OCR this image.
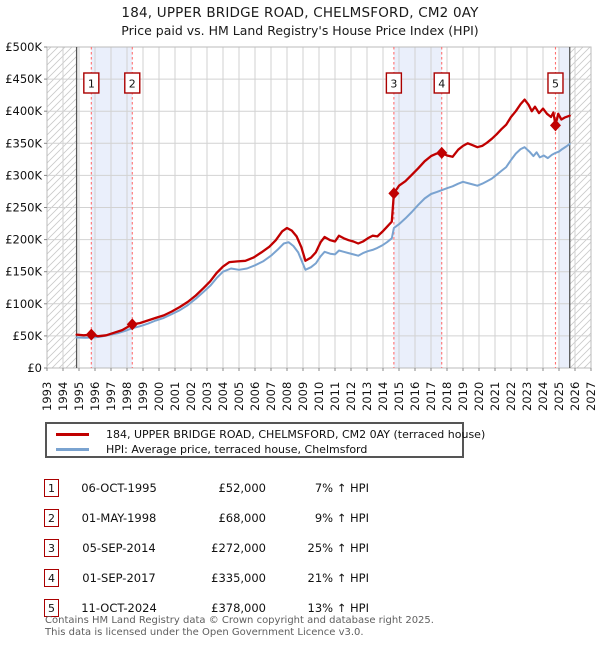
184, UPPER BRIDGE ROAD, CHELMSFORD, CM2 0AY
Price paid vs. HM Land Registry's House Price Index (HPI)
1	2	3	4	5
£0
£50K
£100K
£150K
£200K
£250K
£300K
£350K
£400K
£450K
£500K
1993 1994 1995 1996 1997 1998 1999 2000 2001 2002 2003 2004 2005 2006 2007 2008 2009 2010 2011 2012 2013 2014 2015 2016 2017 2018 2019 2020 2021 2022 2023 2024 2025 2026 2027
184, UPPER BRIDGE ROAD, CHELMSFORD, CM2 0AY (terraced house)
HPI: Average price, terraced house, Chelmsford
1	06-OCT-1995	£52,000	7% ↑ HPI
2	01-MAY-1998	£68,000	9% ↑ HPI
3	05-SEP-2014	£272,000	25% ↑ HPI
4	01-SEP-2017	£335,000	21% ↑ HPI
5	11-OCT-2024	£378,000	13% ↑ HPI
Contains HM Land Registry data © Crown copyright and database right 2025.
This data is licensed under the Open Government Licence v3.0.
